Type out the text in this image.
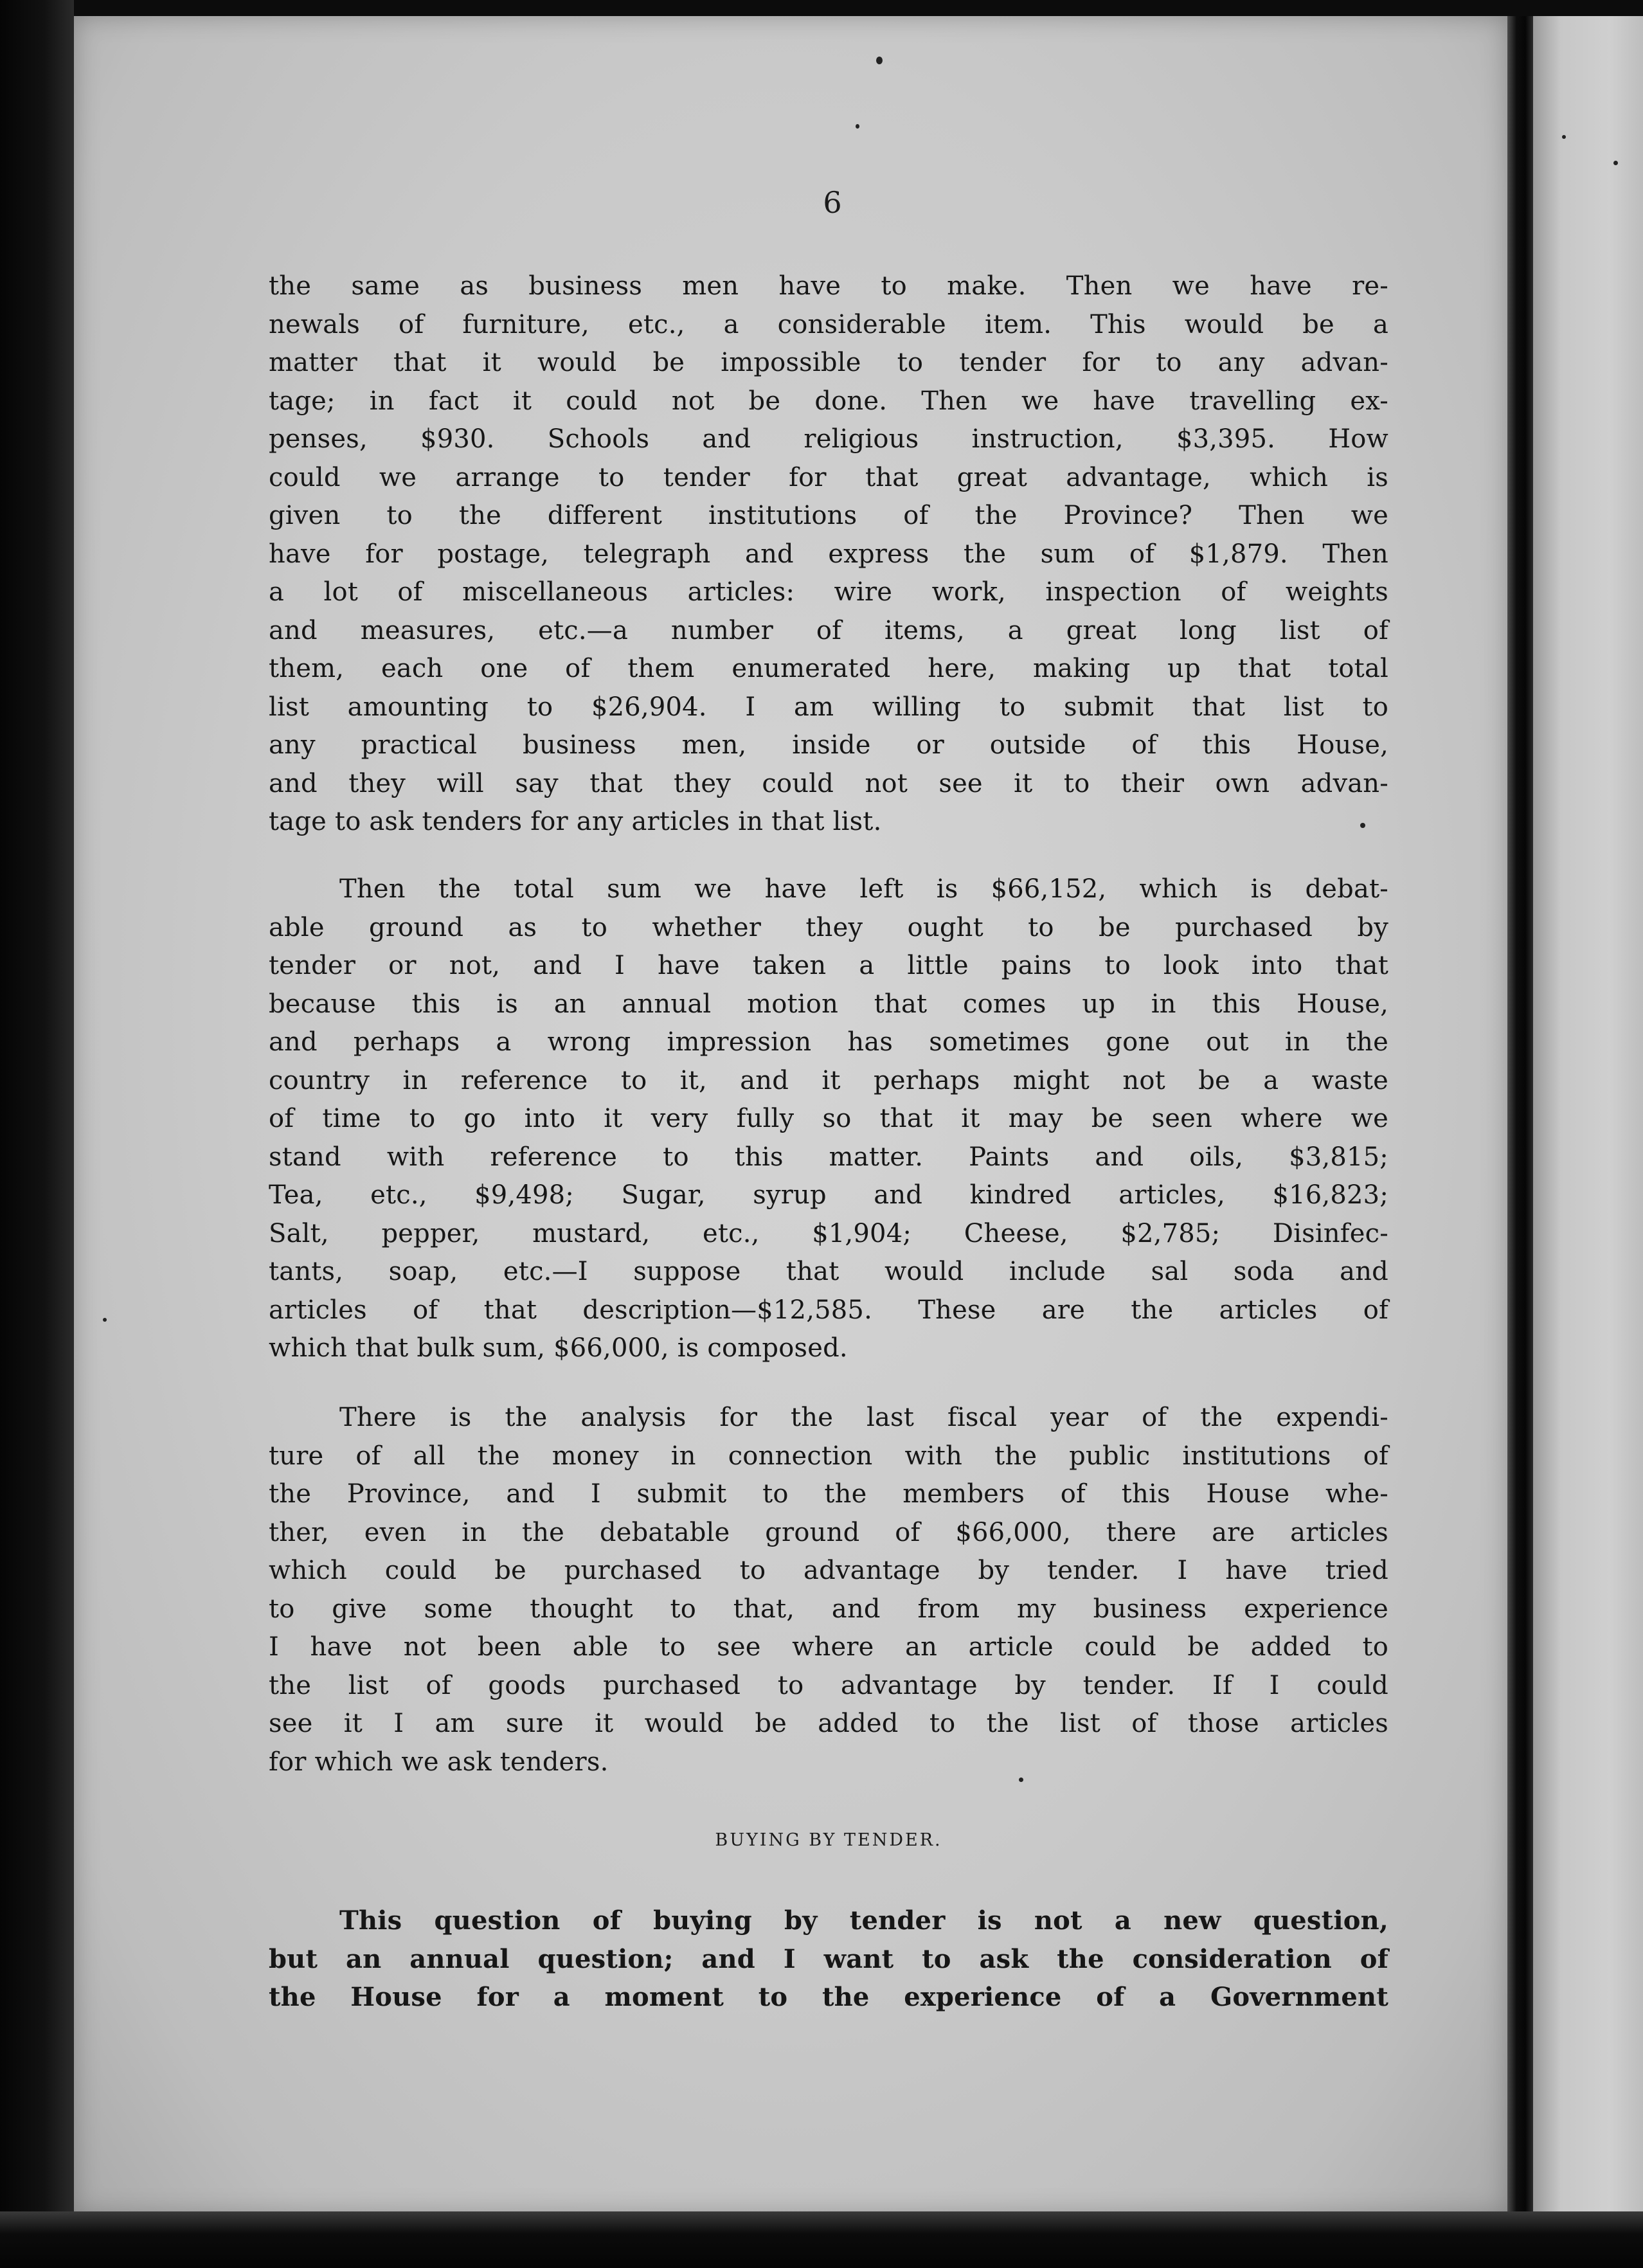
6
the same as business men have to make. Then we have re-
newals of furniture, etc., a considerable item. This would be a
matter that it would be impossible to tender for to any advan-
tage; in fact it could not be done. Then we have travelling ex-
penses, $930. Schools and religious instruction, $3,395. How
could we arrange to tender for that great advantage, which is
given to the different institutions of the Province? Then we
have for postage, telegraph and express the sum of $1,879. Then
a lot of miscellaneous articles: wire work, inspection of weights
and measures, etc.—a number of items, a great long list of
them, each one of them enumerated here, making up that total
list amounting to $26,904. I am willing to submit that list to
any practical business men, inside or outside of this House,
and they will say that they could not see it to their own advan-
tage to ask tenders for any articles in that list.
Then the total sum we have left is $66,152, which is debat-
able ground as to whether they ought to be purchased by
tender or not, and I have taken a little pains to look into that
because this is an annual motion that comes up in this House,
and perhaps a wrong impression has sometimes gone out in the
country in reference to it, and it perhaps might not be a waste
of time to go into it very fully so that it may be seen where we
stand with reference to this matter. Paints and oils, $3,815;
Tea, etc., $9,498; Sugar, syrup and kindred articles, $16,823;
Salt, pepper, mustard, etc., $1,904; Cheese, $2,785; Disinfec-
tants, soap, etc.—I suppose that would include sal soda and
articles of that description—$12,585. These are the articles of
which that bulk sum, $66,000, is composed.
There is the analysis for the last fiscal year of the expendi-
ture of all the money in connection with the public institutions of
the Province, and I submit to the members of this House whe-
ther, even in the debatable ground of $66,000, there are articles
which could be purchased to advantage by tender. I have tried
to give some thought to that, and from my business experience
I have not been able to see where an article could be added to
the list of goods purchased to advantage by tender. If I could
see it I am sure it would be added to the list of those articles
for which we ask tenders.
BUYING BY TENDER.
This question of buying by tender is not a new question,
but an annual question; and I want to ask the consideration of
the House for a moment to the experience of a Government
